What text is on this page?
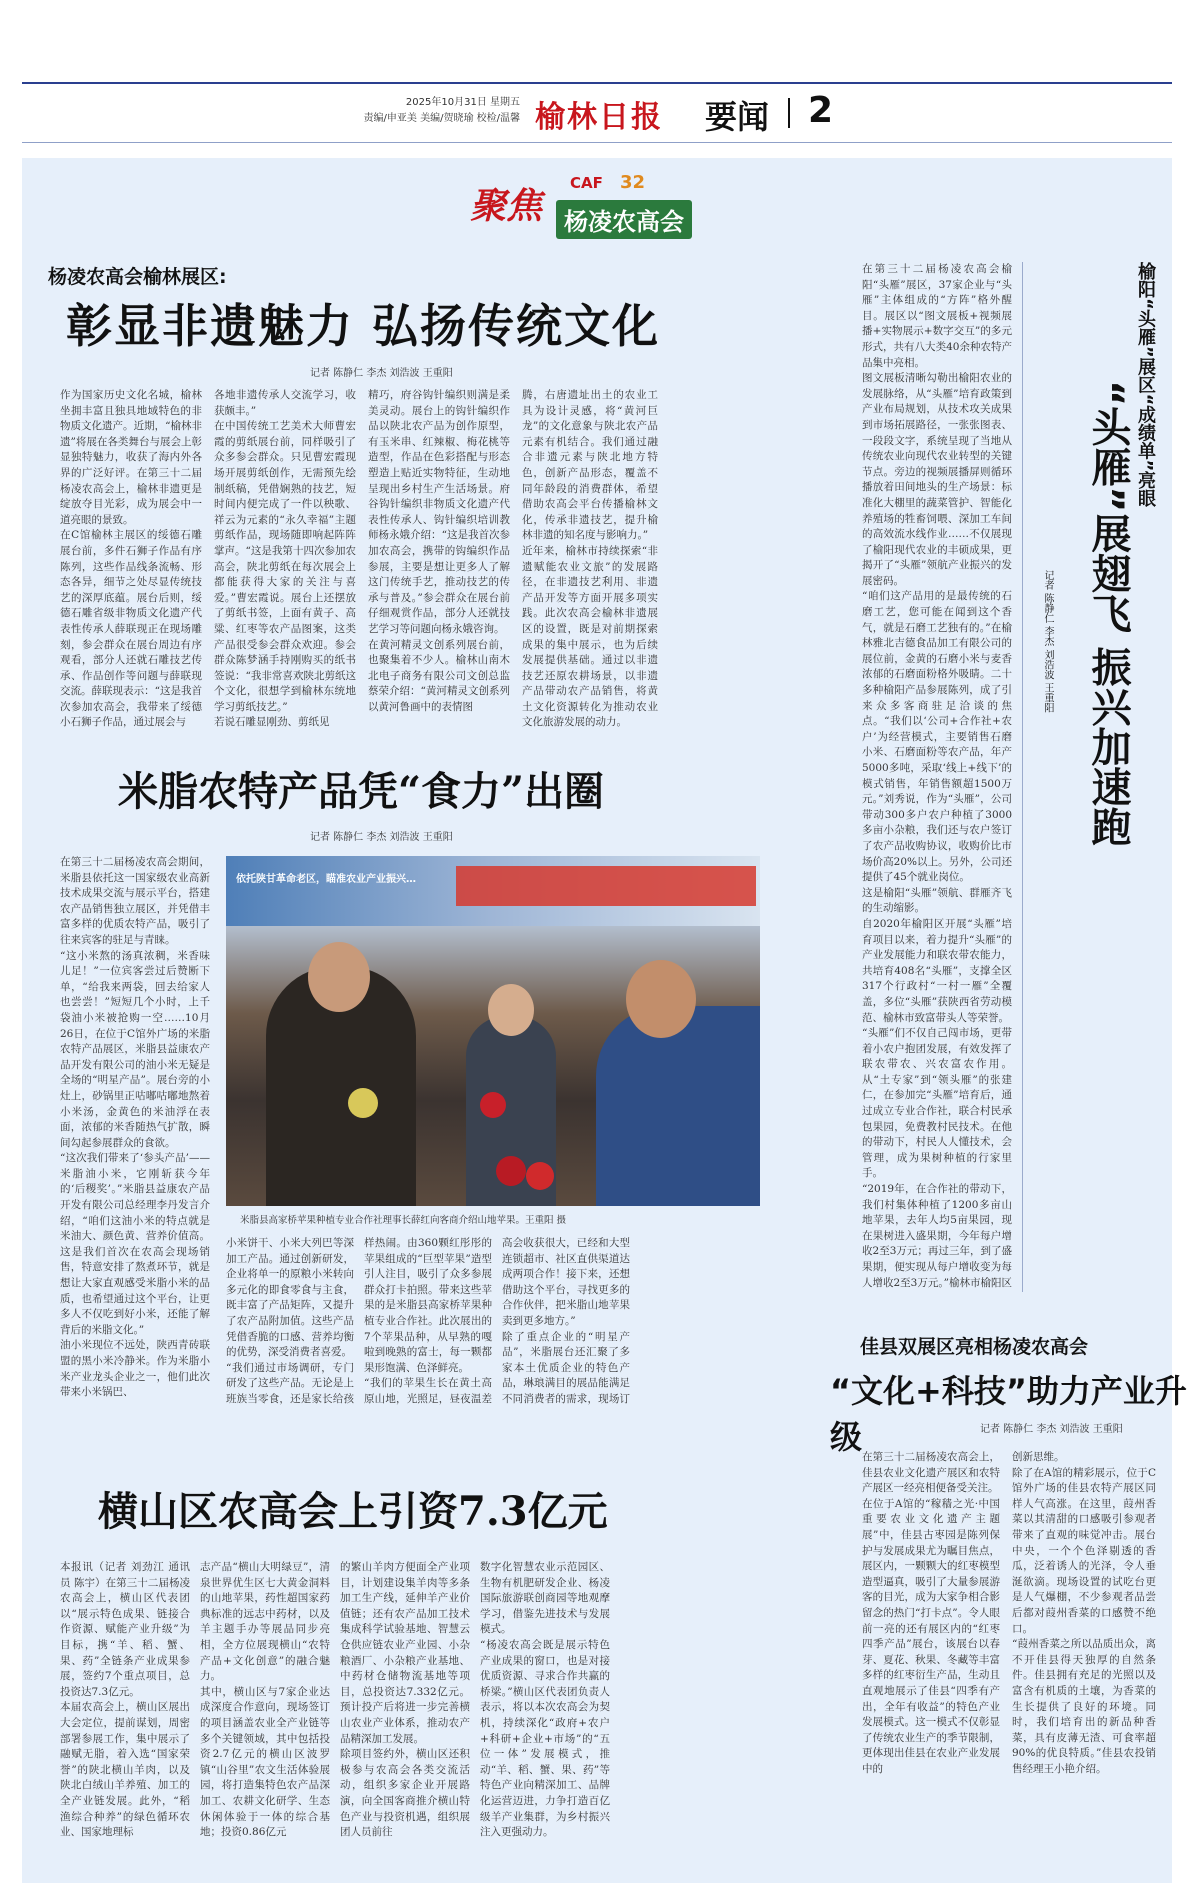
2025年10月31日 星期五
责编/申亚美 美编/贺晓瑜 校检/温馨 榆林日报 要闻 2
聚焦
CAF 32
杨凌农高会
杨凌农高会榆林展区:
彰显非遗魅力 弘扬传统文化
记者 陈静仁 李杰 刘浩波 王重阳
作为国家历史文化名城，榆林坐拥丰富且独具地域特色的非物质文化遗产。近期，“榆林非遗”将展在各类舞台与展会上彰显独特魅力，收获了海内外各界的广泛好评。在第三十二届杨凌农高会上，榆林非遗更是绽放夺目光彩，成为展会中一道亮眼的景致。
在C馆榆林主展区的绥德石雕展台前，多件石狮子作品有序陈列，这些作品线条流畅、形态各异，细节之处尽显传统技艺的深厚底蕴。展台后则，绥德石雕省级非物质文化遗产代表性传承人薛联现正在现场雕刻，参会群众在展台周边有序观看，部分人还就石雕技艺传承、作品创作等问题与薛联现交流。薛联现表示：“这是我首次参加农高会，我带来了绥德小石狮子作品，通过展会与
各地非遗传承人交流学习，收获颇丰。”
在中国传统工艺美术大师曹宏霞的剪纸展台前，同样吸引了众多参会群众。只见曹宏霞现场开展剪纸创作，无需预先绘制纸稿，凭借娴熟的技艺，短时间内便完成了一件以秧歌、祥云为元素的“永久幸福”主题剪纸作品，现场随即响起阵阵掌声。“这是我第十四次参加农高会，陕北剪纸在每次展会上都能获得大家的关注与喜爱。”曹宏霞说。展台上还摆放了剪纸书签，上面有黄子、高粱、红枣等农产品图案，这类产品很受参会群众欢迎。参会群众陈梦涵手持刚购买的纸书签说：“我非常喜欢陕北剪纸这个文化，很想学到榆林东统地学习剪纸技艺。”
若说石雕显刚劲、剪纸见
精巧，府谷钩针编织则满是柔美灵动。展台上的钩针编织作品以陕北农产品为创作原型，有玉米串、红辣椒、梅花桃等造型，作品在色彩搭配与形态塑造上贴近实物特征，生动地呈现出乡村生产生活场景。府谷钩针编织非物质文化遗产代表性传承人、钩针编织培训教师杨永娥介绍：“这是我首次参加农高会，携带的钩编织作品参展，主要是想让更多人了解这门传统手艺，推动技艺的传承与普及。”参会群众在展台前仔细观赏作品，部分人还就技艺学习等问题向杨永娥咨询。
在黄河精灵文创系列展台前，也聚集着不少人。榆林山南木北电子商务有限公司文创总监蔡荣介绍：“黄河精灵文创系列以黄河鲁画中的表情图
腾，右唐遗址出土的农业工具为设计灵感，将“黄河巨龙”的文化意象与陕北农产品元素有机结合。我们通过融合非遗元素与陕北地方特色，创新产品形态，覆盖不同年龄段的消费群体，希望借助农高会平台传播榆林文化，传承非遗技艺，提升榆林非遗的知名度与影响力。”
近年来，榆林市持续探索“非遗赋能农业文旅”的发展路径，在非遗技艺利用、非遗产品开发等方面开展多项实践。此次农高会榆林非遗展区的设置，既是对前期探索成果的集中展示，也为后续发展提供基础。通过以非遗技艺还原农耕场景，以非遗产品带动农产品销售，将黄土文化资源转化为推动农业文化旅游发展的动力。
米脂农特产品凭“食力”出圈
记者 陈静仁 李杰 刘浩波 王重阳
在第三十二届杨凌农高会期间，米脂县依托这一国家级农业高新技术成果交流与展示平台，搭建农产品销售独立展区，并凭借丰富多样的优质农特产品，吸引了往来宾客的驻足与青睐。
“这小米熬的汤真浓稠，米香味儿足！”一位宾客尝过后赞断下单，“给我来两袋，回去给家人也尝尝！”短短几个小时，上千袋油小米被抢购一空……10月26日，在位于C馆外广场的米脂农特产品展区，米脂县益康农产品开发有限公司的油小米无疑是全场的“明星产品”。展台旁的小灶上，砂锅里正咕嘟咕嘟地熬着小米汤，金黄色的米油浮在表面，浓郁的米香随热气扩散，瞬间勾起参展群众的食欲。
“这次我们带来了‘参头产品’——米脂油小米，它刚斩获今年的‘后稷奖’。”米脂县益康农产品开发有限公司总经理李丹发言介绍，“咱们这油小米的特点就是米油大、颜色黄、营养价值高。这是我们首次在农高会现场销售，特意安排了熬煮环节，就是想让大家直观感受米脂小米的品质，也希望通过这个平台，让更多人不仅吃到好小米，还能了解背后的米脂文化。”
油小米现位不远处，陕西青砖联盟的黑小米冷静米。作为米脂小米产业龙头企业之一，他们此次带来小米锅巴、
依托陕甘革命老区，瞄准农业产业振兴…
米脂县高家桥苹果种植专业合作社理事长薛红向客商介绍山地苹果。王重阳 摄
小米饼干、小米大列巴等深加工产品。通过创新研发，企业将单一的原粮小米转向多元化的即食零食与主食，既丰富了产品矩阵，又提升了农产品附加值。这些产品凭借香脆的口感、营养均衡的优势，深受消费者喜爱。
“我们通过市场调研，专门研发了这些产品。无论是上班族当零食，还是家长给孩

样热闹。由360颗红彤彤的苹果组成的“巨型苹果”造型引人注目，吸引了众多参展群众打卡拍照。带来这些苹果的是米脂县高家桥苹果种植专业合作社。此次展出的7个苹果品种，从早熟的嘎啦到晚熟的富士，每一颗都果形饱满、色泽鲜亮。
“我们的苹果生长在黄土高原山地，光照足，昼夜温差
高会收获很大，已经和大型连锁超市、社区直供渠道达成两项合作！接下来，还想借助这个平台，寻找更多的合作伙伴，把米脂山地苹果卖到更多地方。”
除了重点企业的“明星产品”，米脂展台还汇聚了多家本土优质企业的特色产品，琳琅满目的展品能满足不同消费者的需求，现场订
横山区农高会上引资7.3亿元
本报讯（记者 刘劲江 通讯员 陈宇）在第三十二届杨凌农高会上，横山区代表团以“展示特色成果、链接合作资源、赋能产业升级”为目标，携“羊、稻、蟹、果、药”全链条产业成果参展，签约7个重点项目，总投资达7.3亿元。
本届农高会上，横山区展出大会定位，提前谋划，周密部署参展工作，集中展示了融赋无脂，着入选“国家荣誉”的陕北横山羊肉，以及陕北白绒山羊养殖、加工的全产业链发展。此外，“稻渔综合种养”的绿色循环农业、国家地理标
志产品“横山大明绿豆”，清泉世界优生区七大黄金洞料的山地苹果，药性超国家药典标准的远志中药材，以及羊主题手办等展品同步亮相，全方位展现横山“农特产品+文化创意”的融合魅力。
其中，横山区与7家企业达成深度合作意向，现场签订的项目涵盖农业全产业链等多个关键领域，其中包括投资2.7亿元的横山区波罗镇“山谷里”农文生活体验展园，将打造集特色农产品深加工、农耕文化研学、生态休闲体验于一体的综合基地；投资0.86亿元
的繁山羊肉方便面全产业项目，计划建设集羊肉等多条加工生产线，延伸羊产业价值链；还有农产品加工技术集成科学试验基地、智慧云仓供应链农业产业园、小杂粮酒厂、小杂粮产业基地、中药材仓储物流基地等项目，总投资达7.332亿元。预计投产后将进一步完善横山农业产业体系，推动农产品精深加工发展。
除项目签约外，横山区还积极参与农高会各类交流活动，组织多家企业开展路演，向全国客商推介横山特色产业与投资机遇，组织展团人员前往
数字化智慧农业示范园区、生物有机肥研发企业、杨凌国际旅游联创商园等地观摩学习，借鉴先进技术与发展模式。
“杨凌农高会既是展示特色产业成果的窗口，也是对接优质资源、寻求合作共赢的桥梁。”横山区代表团负责人表示，将以本次农高会为契机，持续深化“政府+农户+科研+企业+市场”的“五位一体”发展模式，推动“羊、稻、蟹、果、药”等特色产业向精深加工、品牌化运营迈进，力争打造百亿级羊产业集群，为乡村振兴注入更强动力。
在第三十二届杨凌农高会榆阳“头雁”展区，37家企业与“头雁”主体组成的“方阵”格外醒目。展区以“图文展板+视频展播+实物展示+数字交互”的多元形式，共有八大类40余种农特产品集中亮相。
图文展板清晰勾勒出榆阳农业的发展脉络，从“头雁”培育政策到产业布局规划，从技术攻关成果到市场拓展路径，一张张图表、一段段文字，系统呈现了当地从传统农业向现代农业转型的关键节点。旁边的视频展播屏则循环播放着田间地头的生产场景：标准化大棚里的蔬菜管护、智能化养殖场的牲畜饲喂、深加工车间的高效流水线作业……不仅展现了榆阳现代农业的丰硕成果，更揭开了“头雁”领航产业振兴的发展密码。
“咱们这产品用的是最传统的石磨工艺，您可能在闻到这个香气，就是石磨工艺独有的。”在榆林雅北吉德食品加工有限公司的展位前，金黄的石磨小米与麦香浓郁的石磨面粉格外吸睛。二十多种榆阳产品参展陈列，成了引来众多客商驻足洽谈的焦点。“我们以‘公司+合作社+农户’为经营模式，主要销售石磨小米、石磨面粉等农产品，年产5000多吨，采取‘线上+线下’的模式销售，年销售额超1500万元。”刘秀说，作为“头雁”，公司带动300多户农户种植了3000多亩小杂粮，我们还与农户签订了农产品收购协议，收购价比市场价高20%以上。另外，公司还提供了45个就业岗位。
这是榆阳“头雁”领航、群雁齐飞的生动缩影。
自2020年榆阳区开展“头雁”培育项目以来，着力提升“头雁”的产业发展能力和联农带农能力，共培育408名“头雁”，支撑全区317个行政村“一村一雁”全覆盖，多位“头雁”获陕西省劳动模范、榆林市致富带头人等荣誉。
“头雁”们不仅自己闯市场，更带着小农户抱团发展，有效发挥了联农带农、兴农富农作用。从“土专家”到“领头雁”的张建仁，在参加完“头雁”培育后，通过成立专业合作社，联合村民承包果园，免费教村民技术。在他的带动下，村民人人懂技术，会管理，成为果树种植的行家里手。
“2019年，在合作社的带动下，我们村集体种植了1200多亩山地苹果，去年人均5亩果园，现在果树进入盛果期，今年每户增收2至3万元；再过三年，到了盛果期，便实现从每户增收变为每人增收2至3万元。”榆林市榆阳区

榆阳“头雁”展区“成绩单”亮眼
“头雁”展翅飞 振兴加速跑
记者 陈静仁 李杰 刘浩波 王重阳
佳县双展区亮相杨凌农高会
“文化+科技”助力产业升级	记者 陈静仁 李杰 刘浩波 王重阳
在第三十二届杨凌农高会上，佳县农业文化遗产展区和农特产展区一经亮相便备受关注。
在位于A馆的“稼穑之光·中国重要农业文化遗产主题展”中，佳县古枣园是陈列保护与发展成果尤为瞩目焦点，展区内，一颗颗大的红枣模型造型逼真，吸引了大量参展游客的目光，成为大家争相合影留念的热门“打卡点”。令人眼前一亮的还有展区内的“红枣四季产品”展台，该展台以春芽、夏花、秋果、冬藏等丰富多样的红枣衍生产品，生动且直观地展示了佳县“四季有产出，全年有收益”的特色产业发展模式。这一模式不仅彰显了传统农业生产的季节限制，更体现出佳县在农业产业发展中的
创新思维。
除了在A馆的精彩展示，位于C馆外广场的佳县农特产展区同样人气高涨。在这里，葭州香菜以其清甜的口感吸引参观者带来了直观的味觉冲击。展台中央，一个个色泽剔透的香瓜，泛着诱人的光泽，令人垂涎欲滴。现场设置的试吃台更是人气爆棚，不少参观者品尝后都对葭州香菜的口感赞不绝口。
“葭州香菜之所以品质出众，离不开佳县得天独厚的自然条件。佳县拥有充足的光照以及富含有机质的土壤，为香菜的生长提供了良好的环境。同时，我们培育出的新品种香菜，具有皮薄无渣、可食率超90%的优良特质。”佳县农投销售经理王小艳介绍。
